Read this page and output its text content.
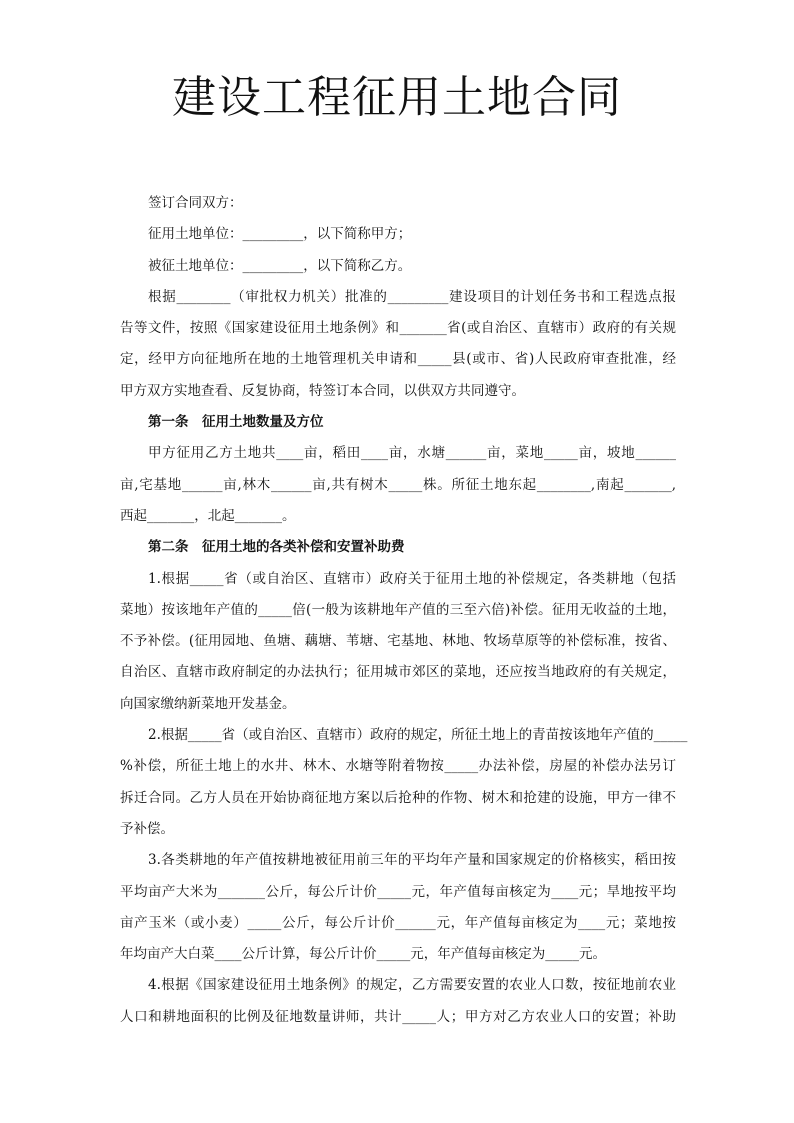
建设工程征用土地合同
签订合同双方：
征用土地单位：_________，以下简称甲方；
被征土地单位：_________，以下简称乙方。
根据________（审批权力机关）批准的_________建设项目的计划任务书和工程选点报
告等文件，按照《国家建设征用土地条例》和_______省(或自治区、直辖市）政府的有关规
定，经甲方向征地所在地的土地管理机关申请和_____县(或市、省)人民政府审查批准，经
甲方双方实地查看、反复协商，特签订本合同，以供双方共同遵守。
第一条　征用土地数量及方位
甲方征用乙方土地共____亩，稻田____亩，水塘______亩，菜地_____亩，坡地______
亩,宅基地______亩,林木______亩,共有树木_____株。所征土地东起________,南起_______,
西起_______，北起_______。
第二条　征用土地的各类补偿和安置补助费
1.根据_____省（或自治区、直辖市）政府关于征用土地的补偿规定，各类耕地（包括
菜地）按该地年产值的_____倍(一般为该耕地年产值的三至六倍)补偿。征用无收益的土地，
不予补偿。(征用园地、鱼塘、藕塘、苇塘、宅基地、林地、牧场草原等的补偿标准，按省、
自治区、直辖市政府制定的办法执行；征用城市郊区的菜地，还应按当地政府的有关规定，
向国家缴纳新菜地开发基金。
2.根据_____省（或自治区、直辖市）政府的规定，所征土地上的青苗按该地年产值的_____
%补偿，所征土地上的水井、林木、水塘等附着物按_____办法补偿，房屋的补偿办法另订
拆迁合同。乙方人员在开始协商征地方案以后抢种的作物、树木和抢建的设施，甲方一律不
予补偿。
3.各类耕地的年产值按耕地被征用前三年的平均年产量和国家规定的价格核实，稻田按
平均亩产大米为_______公斤，每公斤计价_____元，年产值每亩核定为____元；旱地按平均
亩产玉米（或小麦）_____公斤，每公斤计价______元，年产值每亩核定为____元；菜地按
年均亩产大白菜____公斤计算，每公斤计价_____元，年产值每亩核定为_____元。
4.根据《国家建设征用土地条例》的规定，乙方需要安置的农业人口数，按征地前农业
人口和耕地面积的比例及征地数量讲师，共计_____人；甲方对乙方农业人口的安置；补助
